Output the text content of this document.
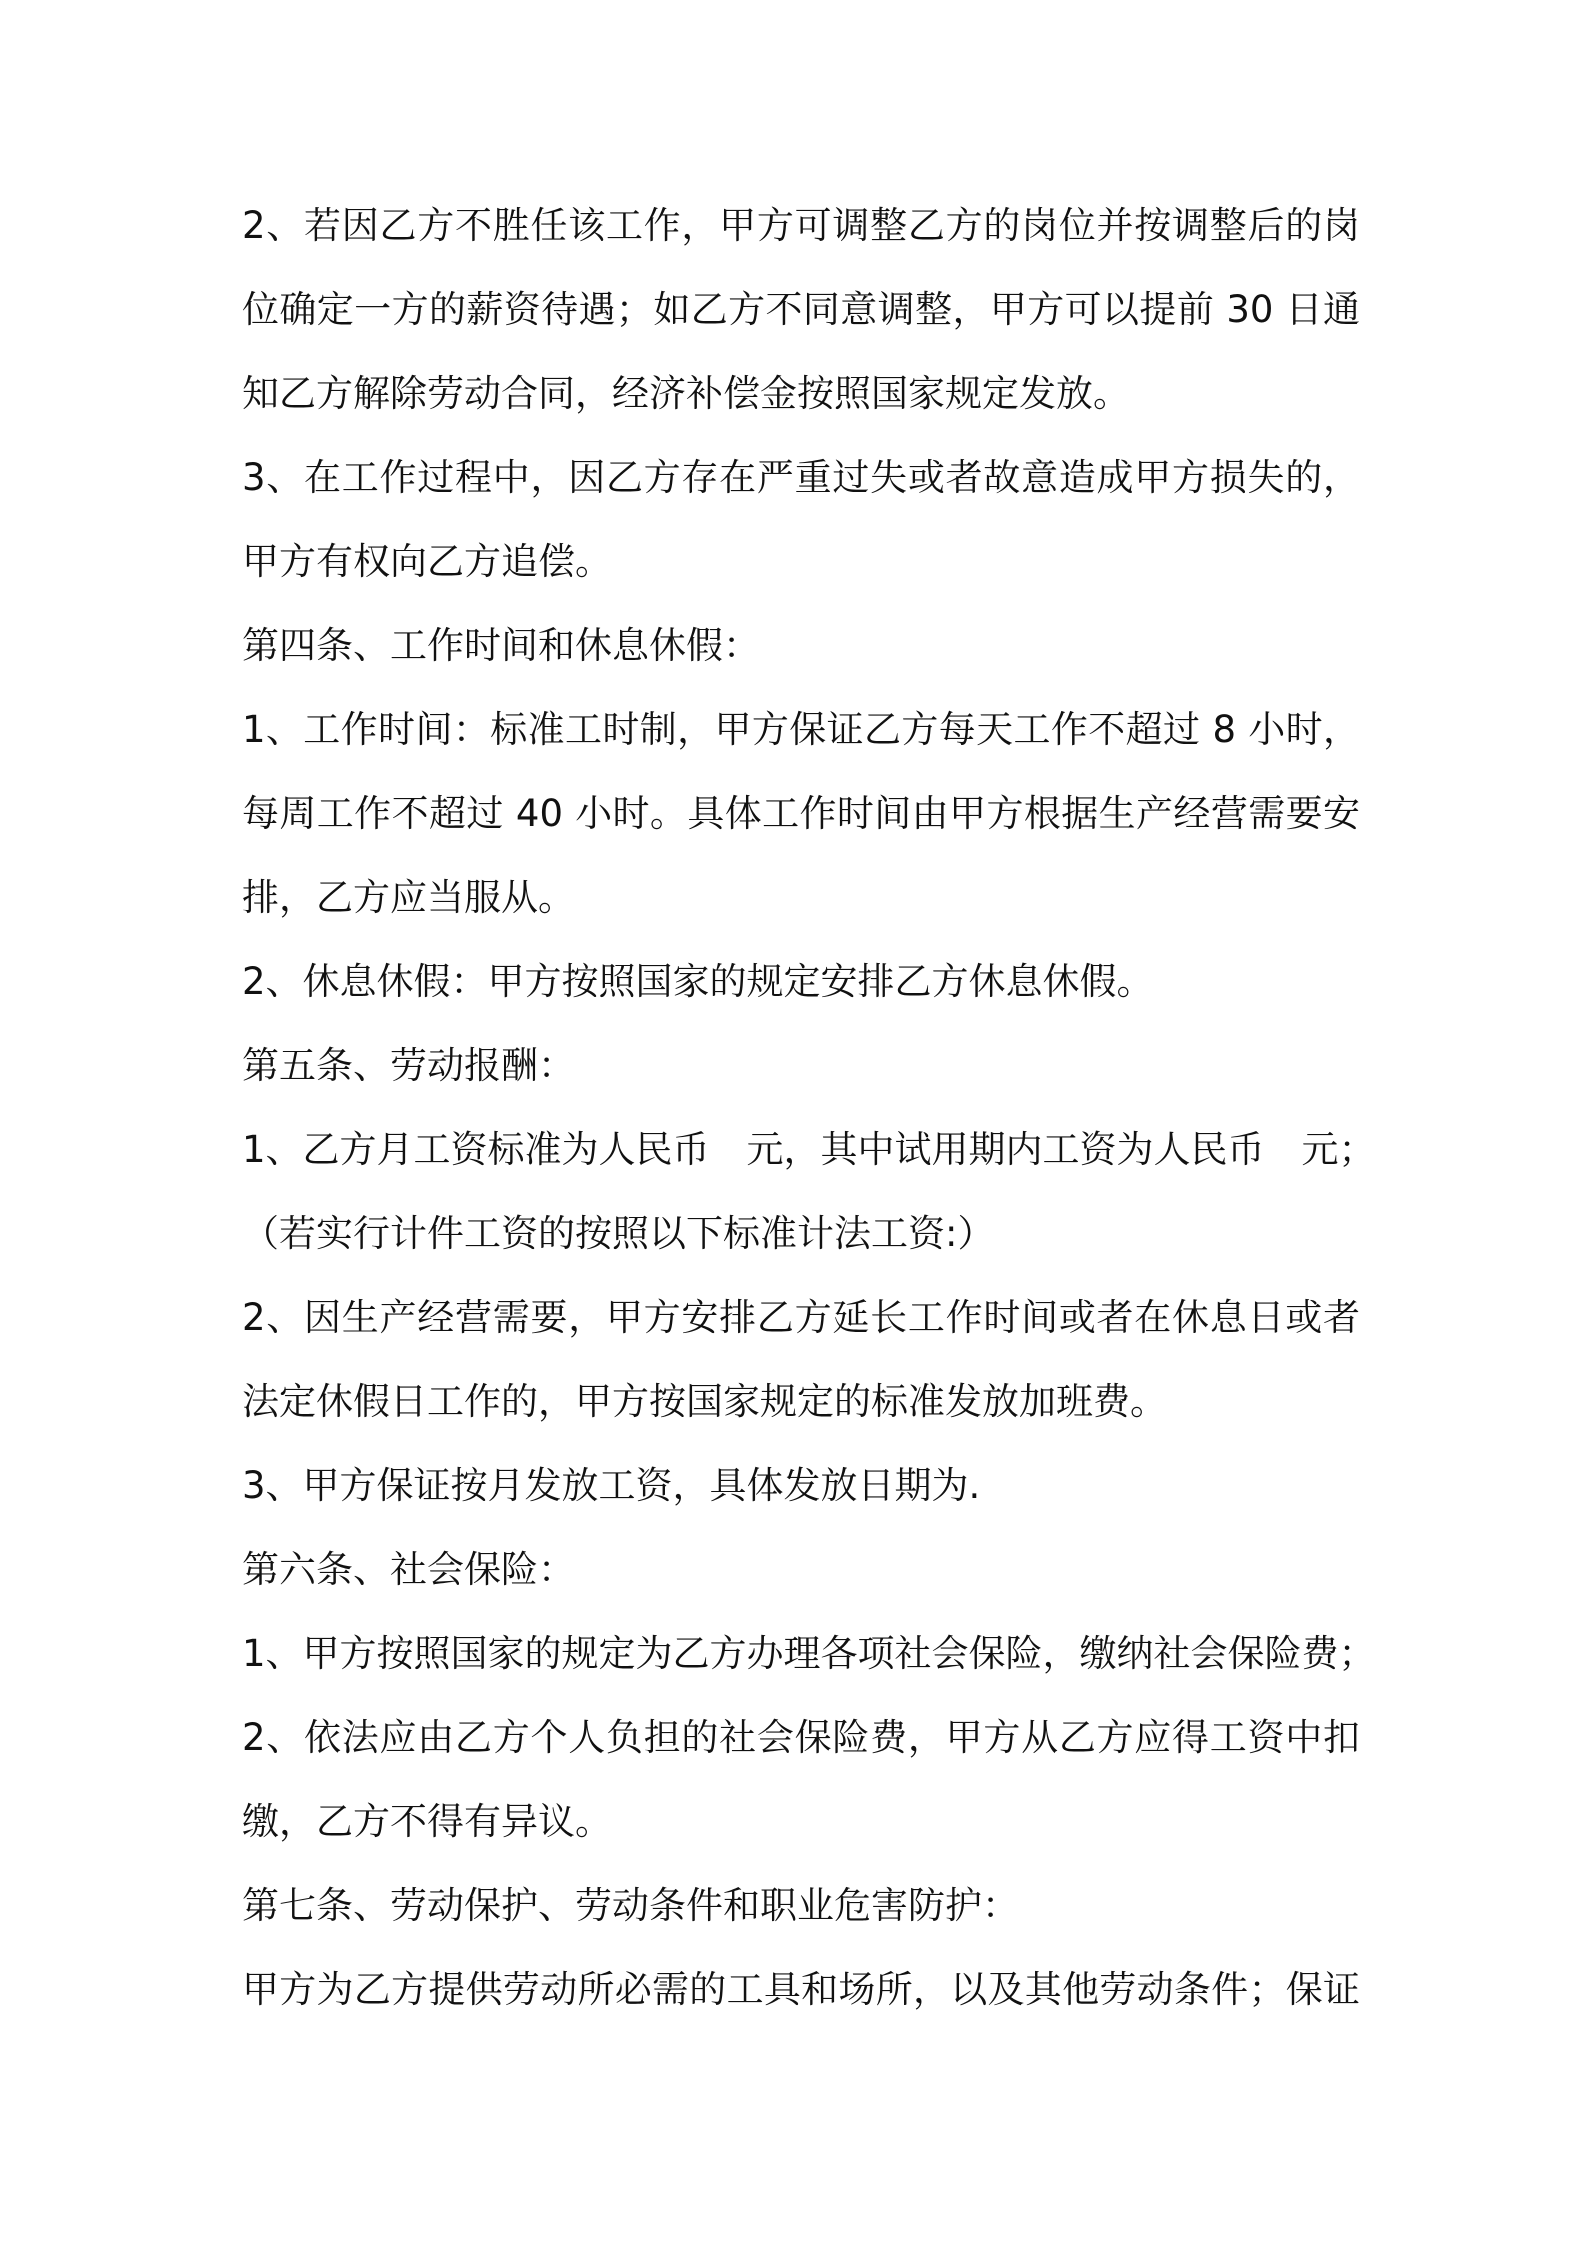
2、若因乙方不胜任该工作，甲方可调整乙方的岗位并按调整后的岗
位确定一方的薪资待遇；如乙方不同意调整，甲方可以提前 30 日通
知乙方解除劳动合同，经济补偿金按照国家规定发放。
3、在工作过程中，因乙方存在严重过失或者故意造成甲方损失的，
甲方有权向乙方追偿。
第四条、工作时间和休息休假：
1、工作时间：标准工时制，甲方保证乙方每天工作不超过 8 小时，
每周工作不超过 40 小时。具体工作时间由甲方根据生产经营需要安
排，乙方应当服从。
2、休息休假：甲方按照国家的规定安排乙方休息休假。
第五条、劳动报酬：
1、乙方月工资标准为人民币　元，其中试用期内工资为人民币　元；
（若实行计件工资的按照以下标准计法工资:）
2、因生产经营需要，甲方安排乙方延长工作时间或者在休息日或者
法定休假日工作的，甲方按国家规定的标准发放加班费。
3、甲方保证按月发放工资，具体发放日期为.
第六条、社会保险：
1、甲方按照国家的规定为乙方办理各项社会保险，缴纳社会保险费；
2、依法应由乙方个人负担的社会保险费，甲方从乙方应得工资中扣
缴，乙方不得有异议。
第七条、劳动保护、劳动条件和职业危害防护：
甲方为乙方提供劳动所必需的工具和场所，以及其他劳动条件；保证
